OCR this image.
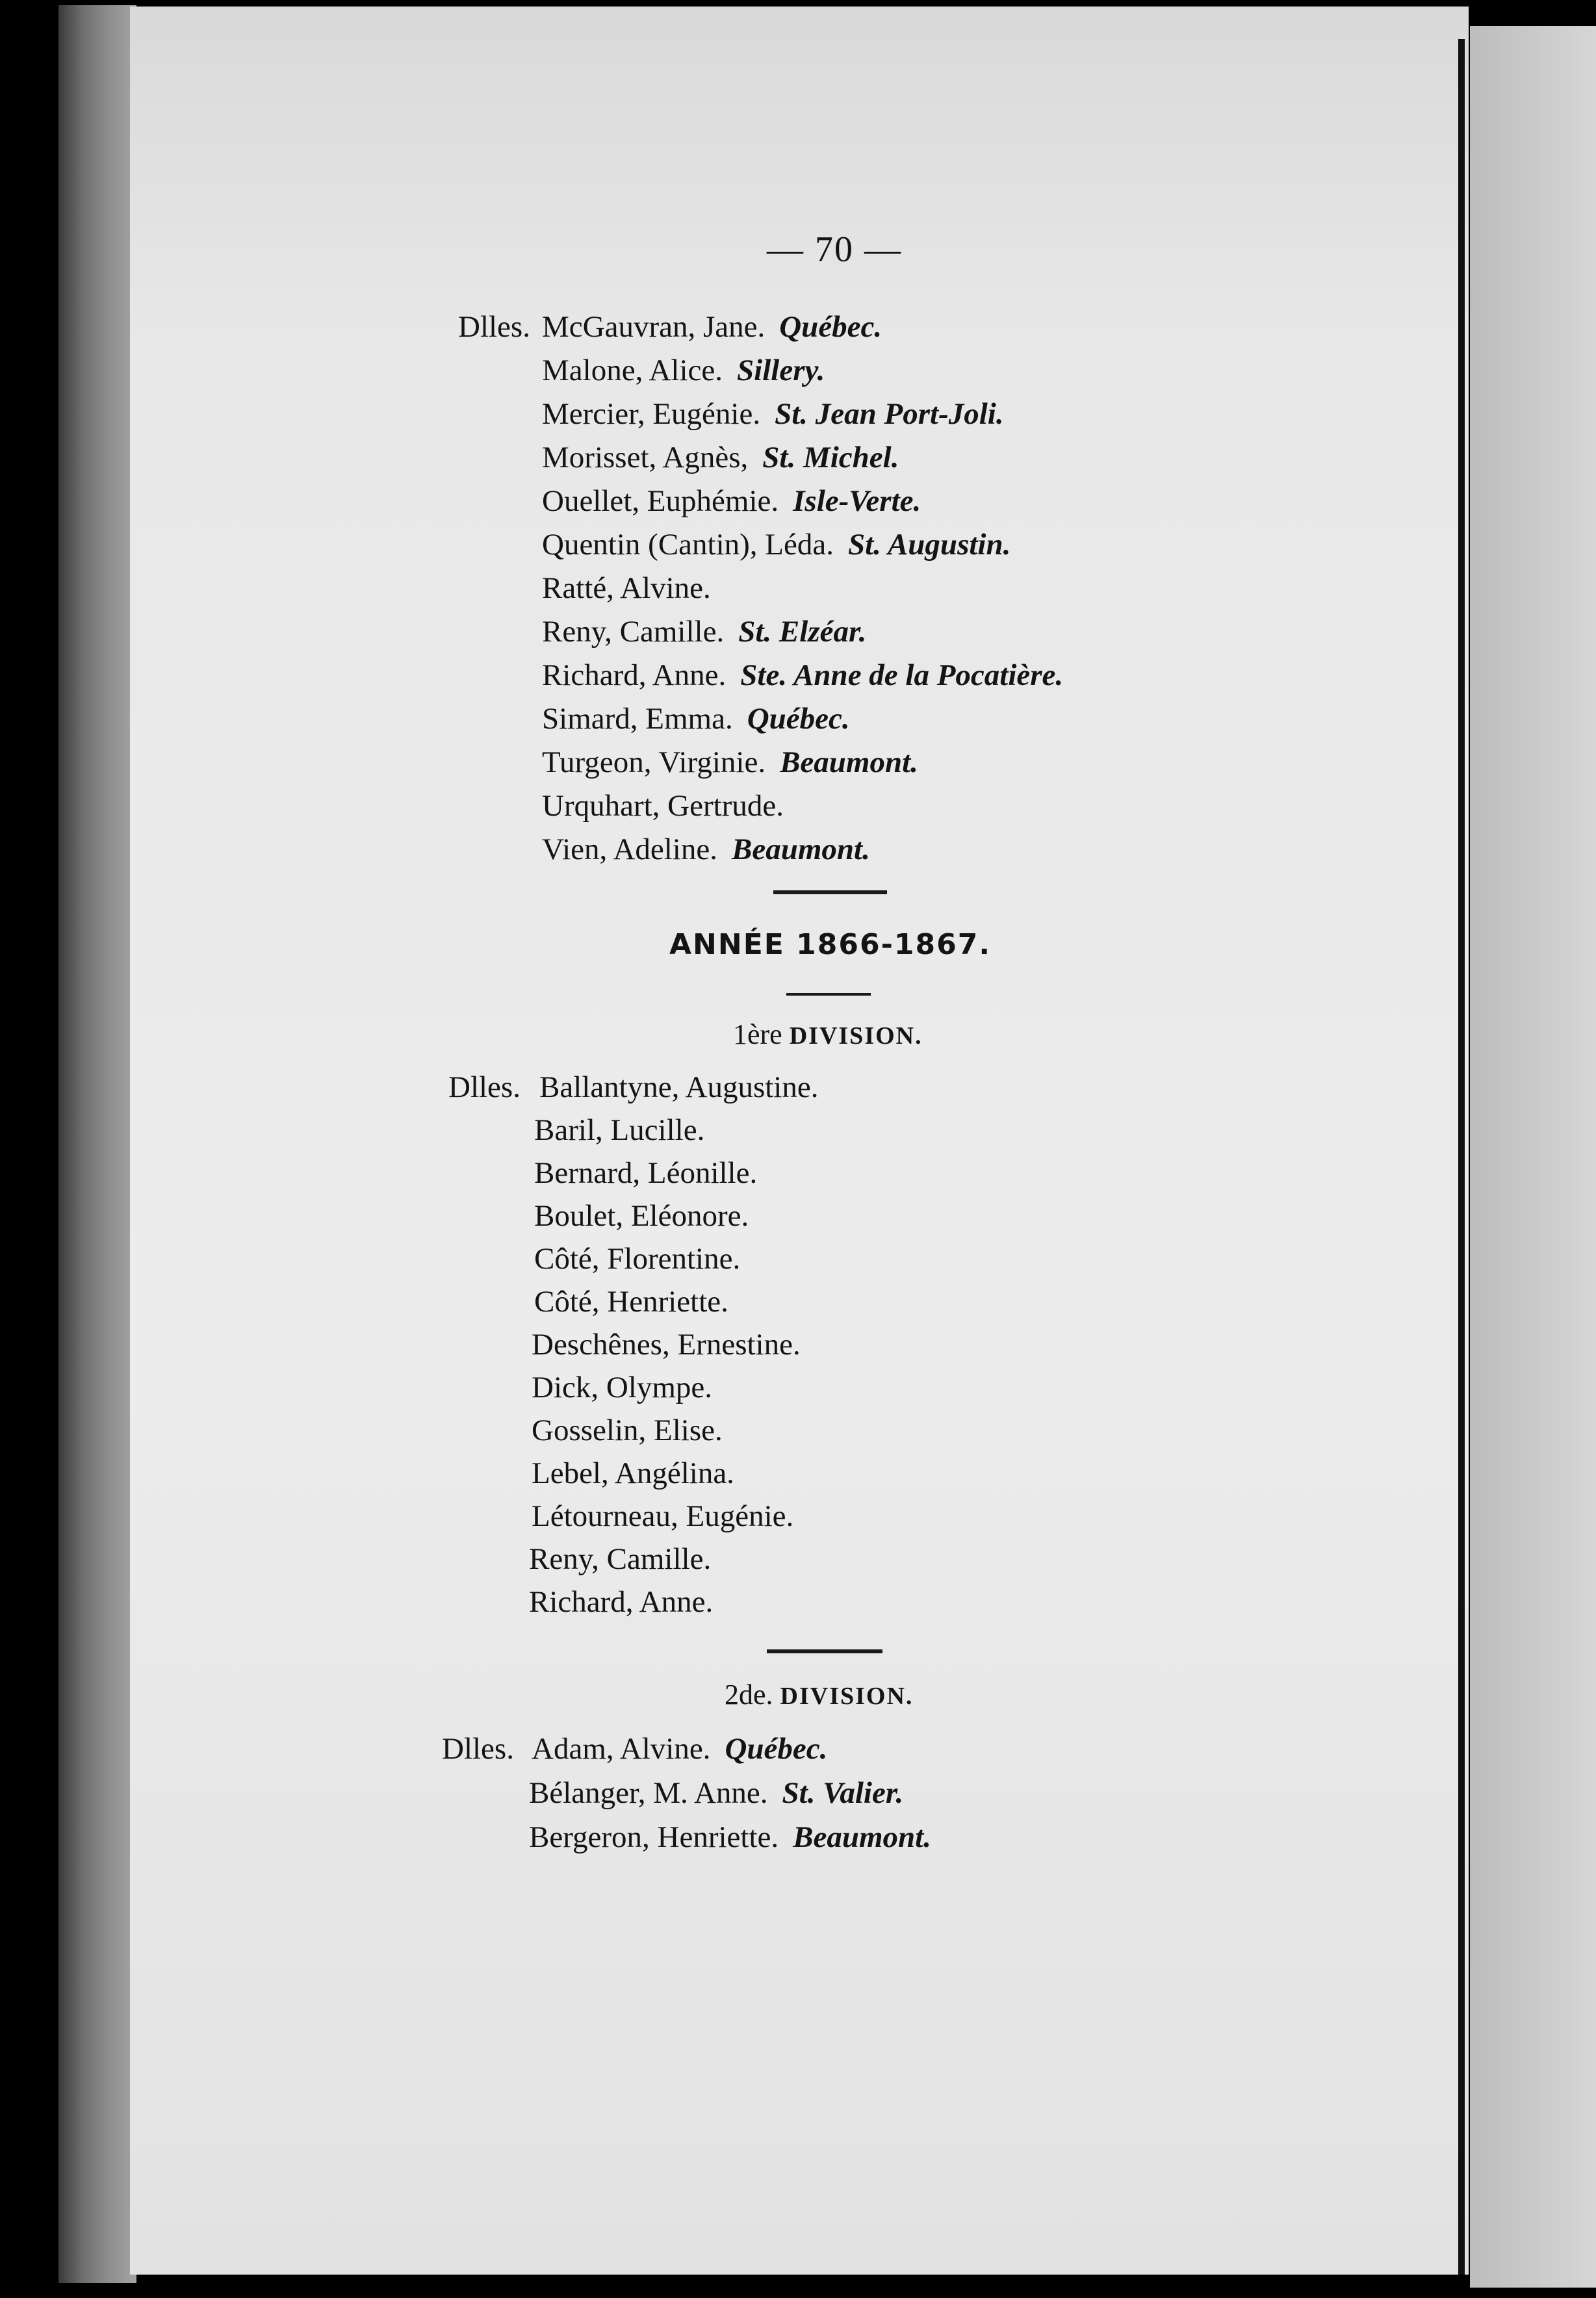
— 70 —
Dlles. McGauvran, Jane. Québec.
Malone, Alice. Sillery.
Mercier, Eugénie. St. Jean Port-Joli.
Morisset, Agnès, St. Michel.
Ouellet, Euphémie. Isle-Verte.
Quentin (Cantin), Léda. St. Augustin.
Ratté, Alvine.
Reny, Camille. St. Elzéar.
Richard, Anne. Ste. Anne de la Pocatière.
Simard, Emma. Québec.
Turgeon, Virginie. Beaumont.
Urquhart, Gertrude.
Vien, Adeline. Beaumont.
ANNÉE 1866-1867.
1ère DIVISION.
Dlles. Ballantyne, Augustine.
Baril, Lucille.
Bernard, Léonille.
Boulet, Eléonore.
Côté, Florentine.
Côté, Henriette.
Deschênes, Ernestine.
Dick, Olympe.
Gosselin, Elise.
Lebel, Angélina.
Létourneau, Eugénie.
Reny, Camille.
Richard, Anne.
2de. DIVISION.
Dlles. Adam, Alvine. Québec.
Bélanger, M. Anne. St. Valier.
Bergeron, Henriette. Beaumont.
